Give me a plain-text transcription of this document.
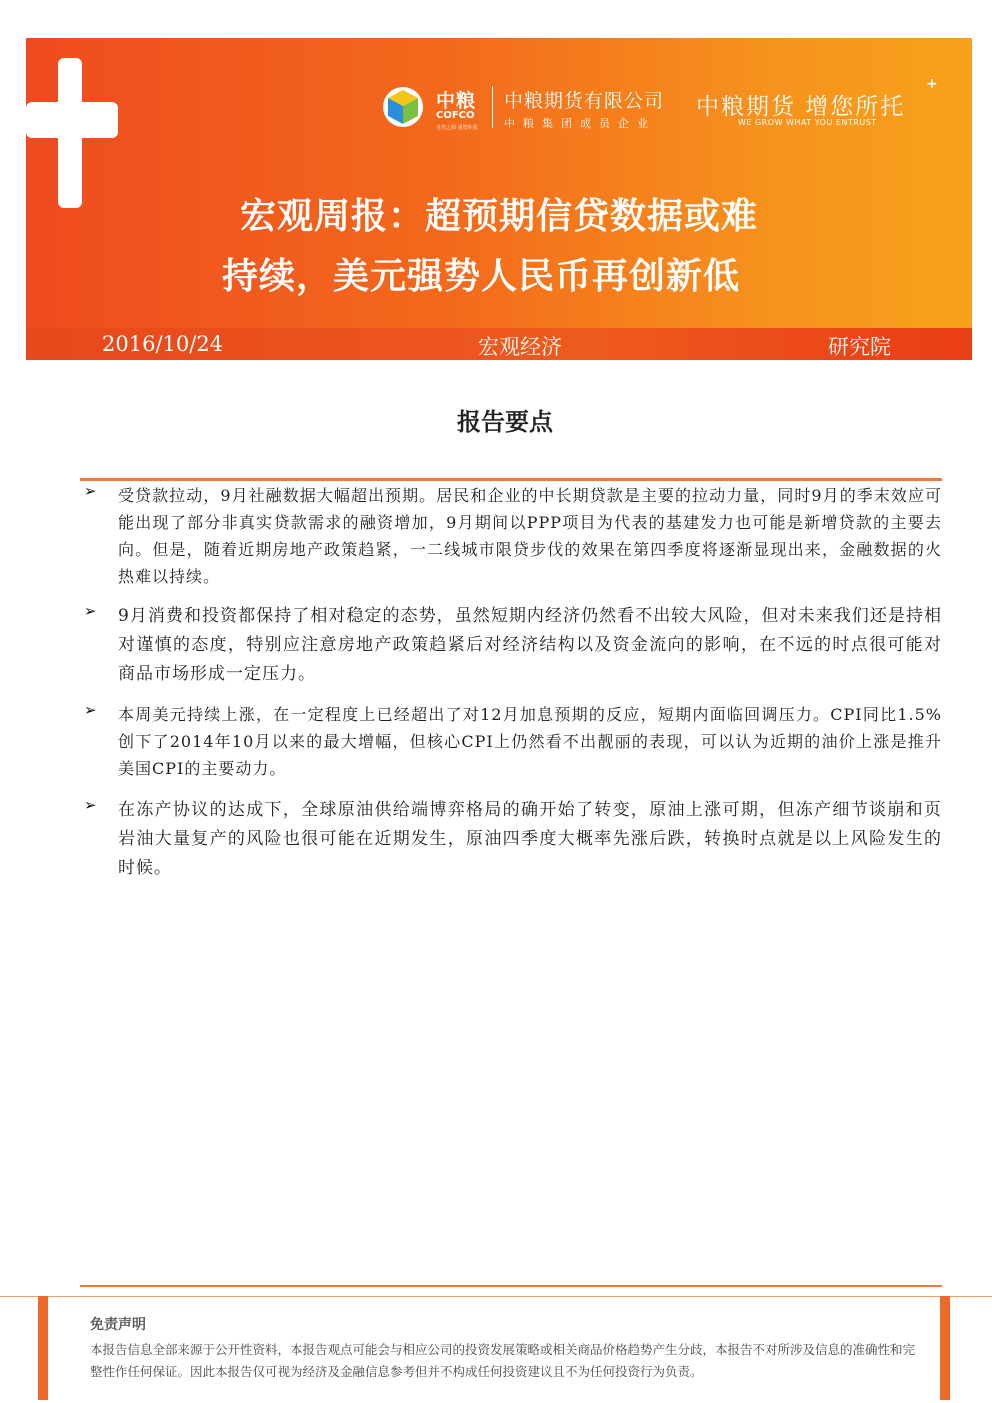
中粮
COFCO
自然之源 重塑你我
中粮期货有限公司
中粮集团成员企业
中粮期货 增您所托
+
WE GROW WHAT YOU ENTRUST
宏观周报：超预期信贷数据或难
持续，美元强势人民币再创新低
2016/10/24	宏观经济	研究院
报告要点
➢ 受贷款拉动，9月社融数据大幅超出预期。居民和企业的中长期贷款是主要的拉动力量，同时9月的季末效应可能出现了部分非真实贷款需求的融资增加，9月期间以PPP项目为代表的基建发力也可能是新增贷款的主要去向。但是，随着近期房地产政策趋紧，一二线城市限贷步伐的效果在第四季度将逐渐显现出来，金融数据的火热难以持续。
➢ 9月消费和投资都保持了相对稳定的态势，虽然短期内经济仍然看不出较大风险，但对未来我们还是持相对谨慎的态度，特别应注意房地产政策趋紧后对经济结构以及资金流向的影响，在不远的时点很可能对商品市场形成一定压力。
➢ 本周美元持续上涨，在一定程度上已经超出了对12月加息预期的反应，短期内面临回调压力。CPI同比1.5%创下了2014年10月以来的最大增幅，但核心CPI上仍然看不出靓丽的表现，可以认为近期的油价上涨是推升美国CPI的主要动力。
➢ 在冻产协议的达成下，全球原油供给端博弈格局的确开始了转变，原油上涨可期，但冻产细节谈崩和页岩油大量复产的风险也很可能在近期发生，原油四季度大概率先涨后跌，转换时点就是以上风险发生的时候。
免责声明
本报告信息全部来源于公开性资料，本报告观点可能会与相应公司的投资发展策略或相关商品价格趋势产生分歧，本报告不对所涉及信息的准确性和完整性作任何保证。因此本报告仅可视为经济及金融信息参考但并不构成任何投资建议且不为任何投资行为负责。
